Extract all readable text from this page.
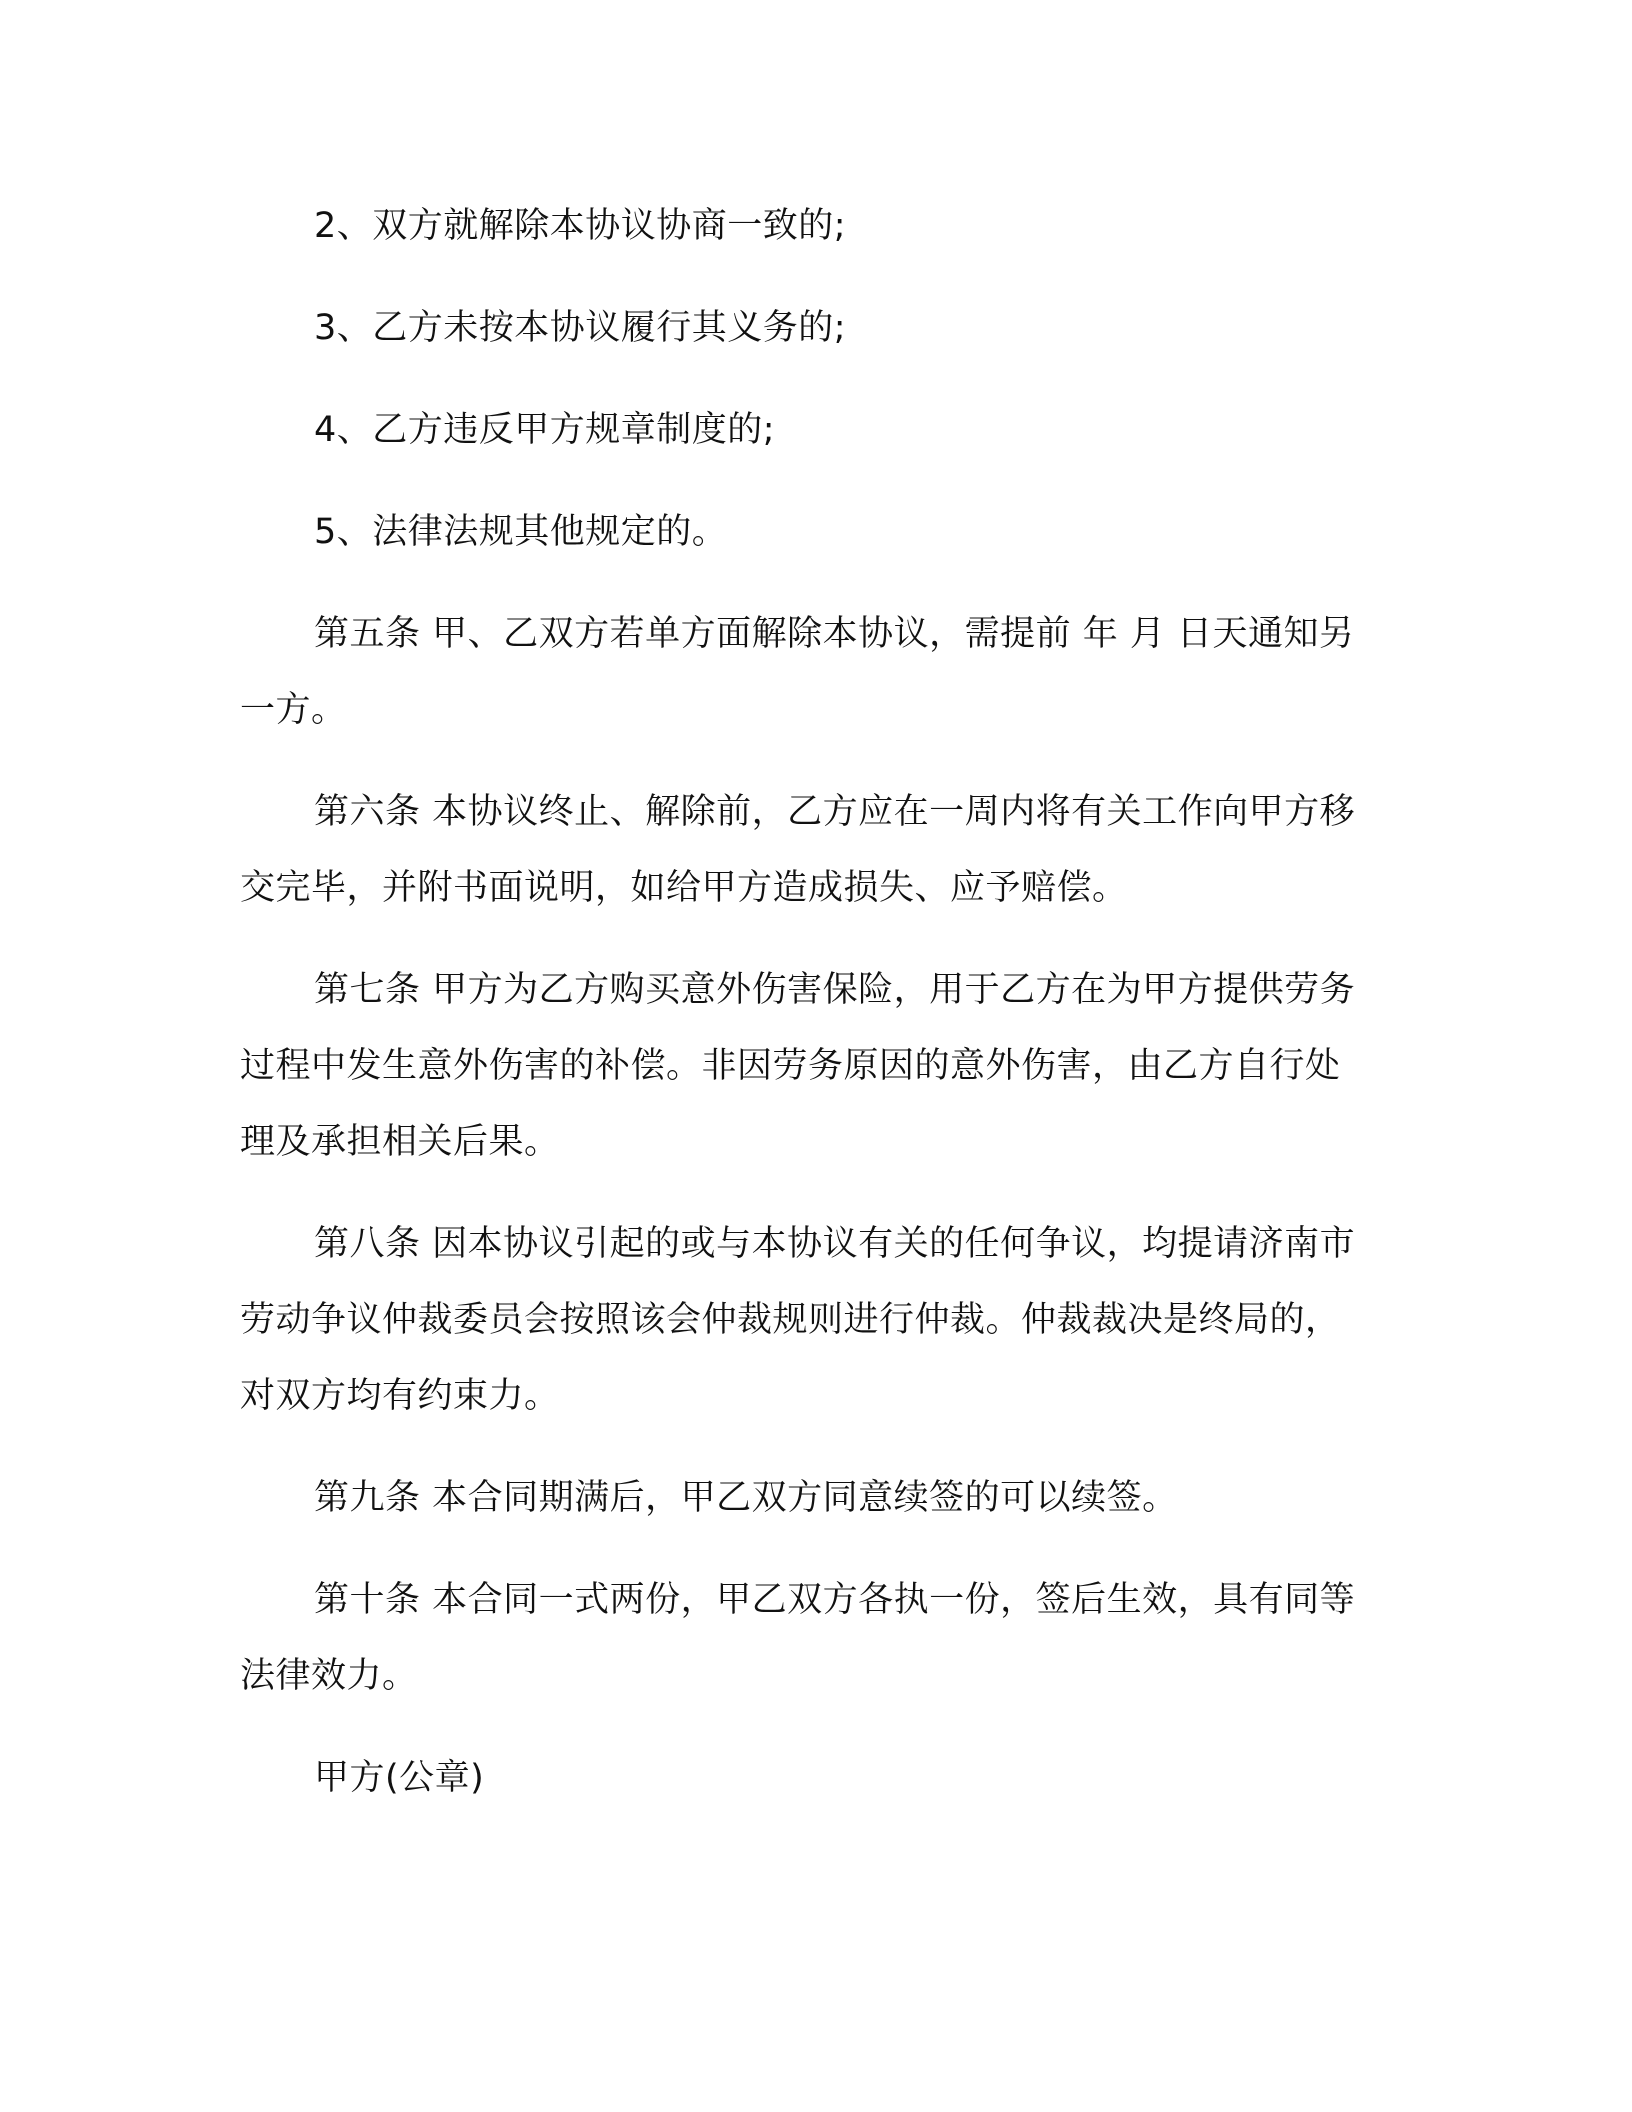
2、双方就解除本协议协商一致的;

3、乙方未按本协议履行其义务的;

4、乙方违反甲方规章制度的;

5、法律法规其他规定的。

第五条 甲、乙双方若单方面解除本协议，需提前 年 月 日天通知另一方。

第六条 本协议终止、解除前，乙方应在一周内将有关工作向甲方移交完毕，并附书面说明，如给甲方造成损失、应予赔偿。

第七条 甲方为乙方购买意外伤害保险，用于乙方在为甲方提供劳务过程中发生意外伤害的补偿。非因劳务原因的意外伤害，由乙方自行处理及承担相关后果。

第八条 因本协议引起的或与本协议有关的任何争议，均提请济南市劳动争议仲裁委员会按照该会仲裁规则进行仲裁。仲裁裁决是终局的，对双方均有约束力。

第九条 本合同期满后，甲乙双方同意续签的可以续签。

第十条 本合同一式两份，甲乙双方各执一份，签后生效，具有同等法律效力。

甲方(公章)
